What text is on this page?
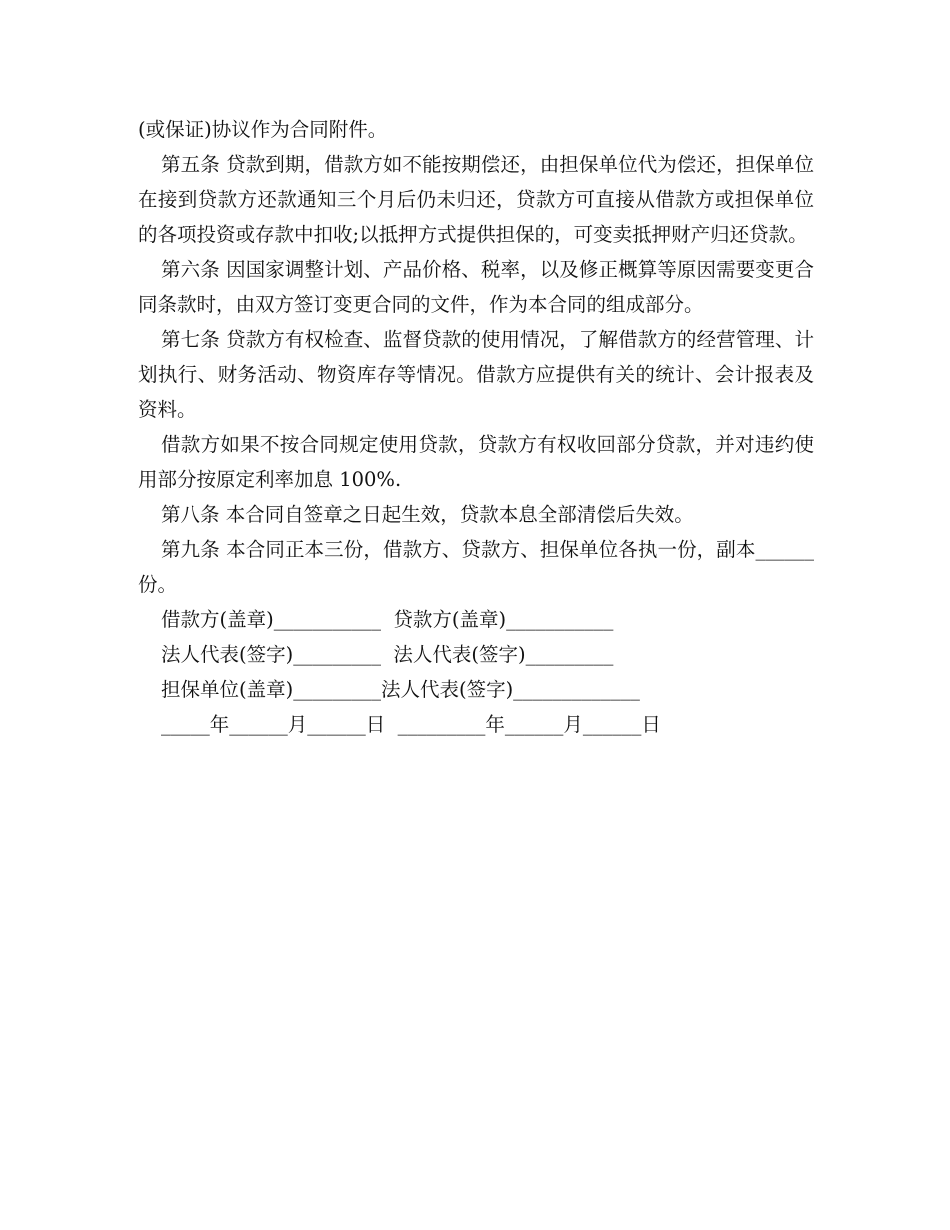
(或保证)协议作为合同附件。

第五条 贷款到期，借款方如不能按期偿还，由担保单位代为偿还，担保单位在接到贷款方还款通知三个月后仍未归还，贷款方可直接从借款方或担保单位的各项投资或存款中扣收;以抵押方式提供担保的，可变卖抵押财产归还贷款。

第六条 因国家调整计划、产品价格、税率，以及修正概算等原因需要变更合同条款时，由双方签订变更合同的文件，作为本合同的组成部分。

第七条 贷款方有权检查、监督贷款的使用情况，了解借款方的经营管理、计划执行、财务活动、物资库存等情况。借款方应提供有关的统计、会计报表及资料。

借款方如果不按合同规定使用贷款，贷款方有权收回部分贷款，并对违约使用部分按原定利率加息 100%.

第八条 本合同自签章之日起生效，贷款本息全部清偿后失效。

第九条 本合同正本三份，借款方、贷款方、担保单位各执一份，副本______份。

借款方(盖章)___________  贷款方(盖章)___________

法人代表(签字)_________  法人代表(签字)_________

担保单位(盖章)_________法人代表(签字)_____________

_____年______月______日  _________年______月______日
